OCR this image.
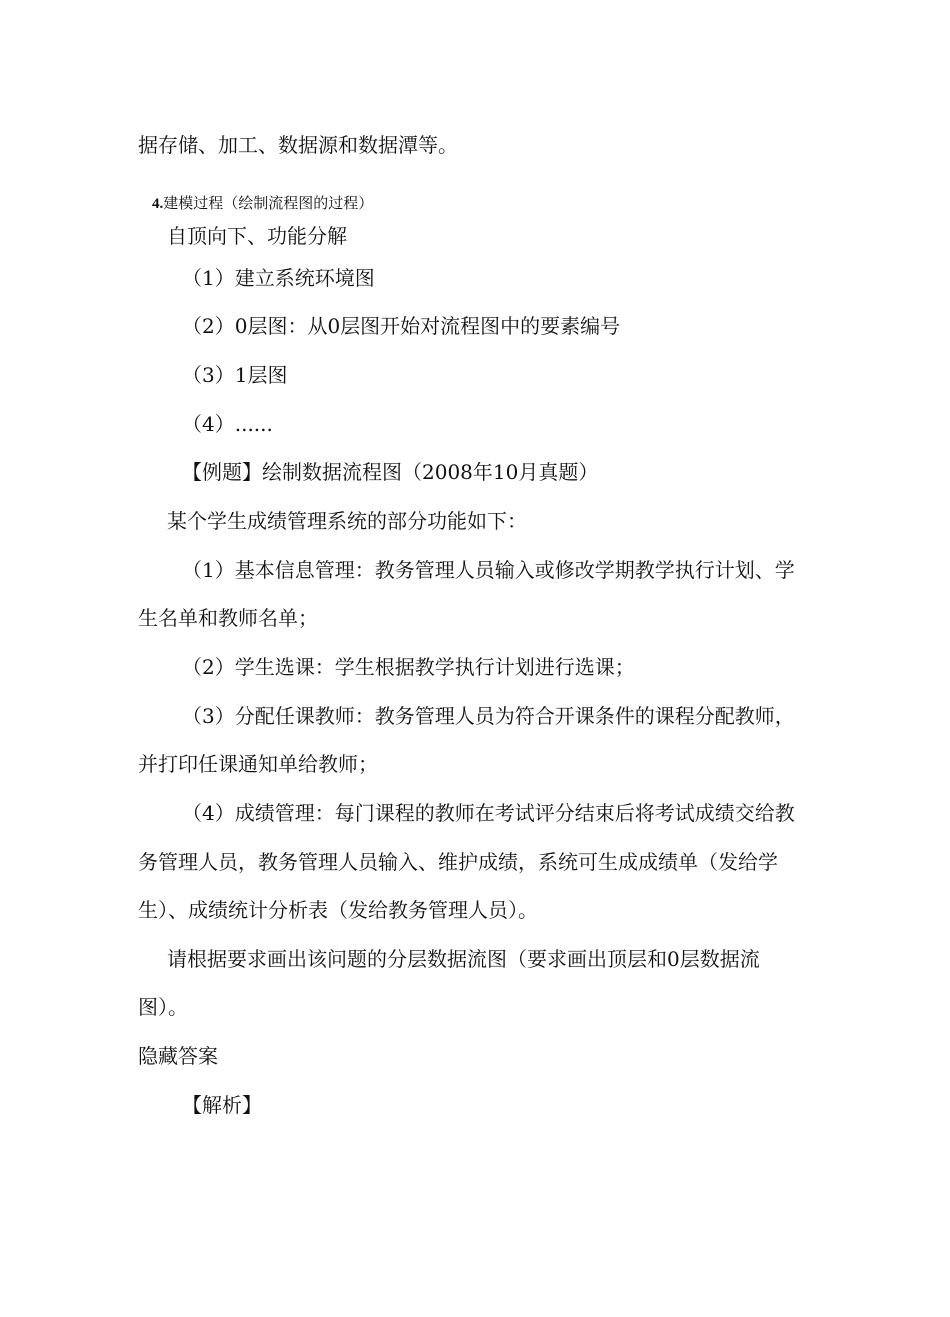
据存储、加工、数据源和数据潭等。
4.建模过程（绘制流程图的过程）
自顶向下、功能分解
（1）建立系统环境图
（2）0层图：从0层图开始对流程图中的要素编号
（3）1层图
（4）......
【例题】绘制数据流程图（2008年10月真题）
某个学生成绩管理系统的部分功能如下：
（1）基本信息管理：教务管理人员输入或修改学期教学执行计划、学
生名单和教师名单；
（2）学生选课：学生根据教学执行计划进行选课；
（3）分配任课教师：教务管理人员为符合开课条件的课程分配教师，
并打印任课通知单给教师；
（4）成绩管理：每门课程的教师在考试评分结束后将考试成绩交给教
务管理人员，教务管理人员输入、维护成绩，系统可生成成绩单（发给学
生）、成绩统计分析表（发给教务管理人员）。
请根据要求画出该问题的分层数据流图（要求画出顶层和0层数据流
图）。
隐藏答案
【解析】
